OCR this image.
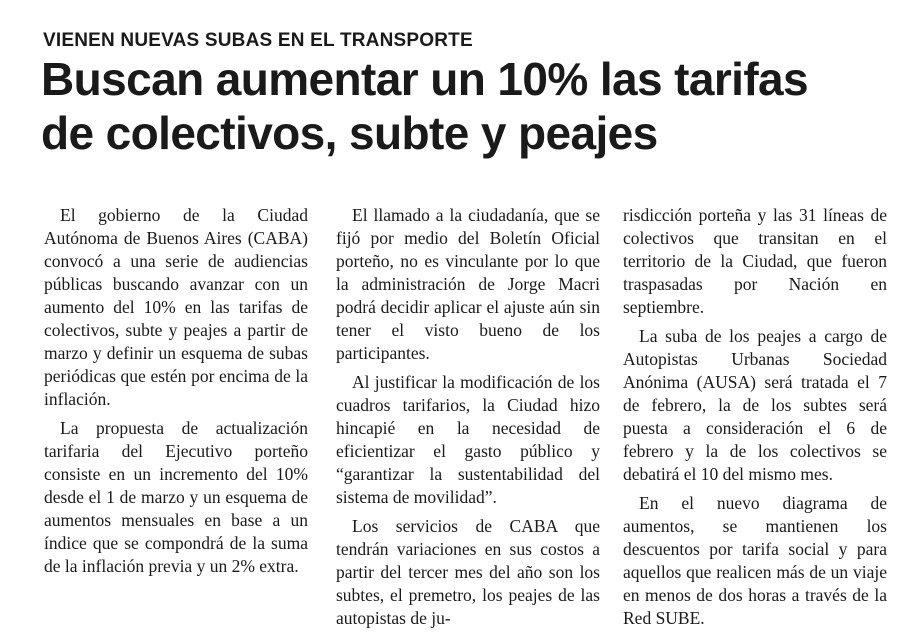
VIENEN NUEVAS SUBAS EN EL TRANSPORTE
Buscan aumentar un 10% las tarifas
de colectivos, subte y peajes

El gobierno de la Ciudad Autónoma de Buenos Aires (CABA) convocó a una serie de audiencias públicas buscando avanzar con un aumento del 10% en las tarifas de colectivos, subte y peajes a partir de marzo y definir un esquema de subas periódicas que estén por encima de la inflación.

La propuesta de actualización tarifaria del Ejecutivo porteño consiste en un incremento del 10% desde el 1 de marzo y un esquema de aumentos mensuales en base a un índice que se compondrá de la suma de la inflación previa y un 2% extra.

El llamado a la ciudadanía, que se fijó por medio del Boletín Oficial porteño, no es vinculante por lo que la administración de Jorge Macri podrá decidir aplicar el ajuste aún sin tener el visto bueno de los participantes.

Al justificar la modificación de los cuadros tarifarios, la Ciudad hizo hincapié en la necesidad de eficientizar el gasto público y “garantizar la sustentabilidad del sistema de movilidad”.

Los servicios de CABA que tendrán variaciones en sus costos a partir del tercer mes del año son los subtes, el premetro, los peajes de las autopistas de ju-

risdicción porteña y las 31 líneas de colectivos que transitan en el territorio de la Ciudad, que fueron traspasadas por Nación en septiembre.

La suba de los peajes a cargo de Autopistas Urbanas Sociedad Anónima (AUSA) será tratada el 7 de febrero, la de los subtes será puesta a consideración el 6 de febrero y la de los colectivos se debatirá el 10 del mismo mes.

En el nuevo diagrama de aumentos, se mantienen los descuentos por tarifa social y para aquellos que realicen más de un viaje en menos de dos horas a través de la Red SUBE.
